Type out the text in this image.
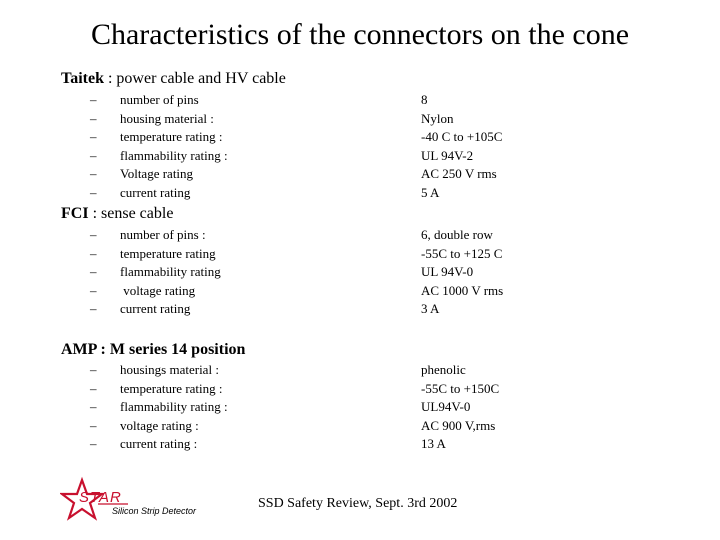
Characteristics of the connectors on the cone
Taitek : power cable and HV cable
– number of pins
– housing material :
– temperature rating :
– flammability rating :
– Voltage rating
– current rating
8
Nylon
-40 C to +105C
UL 94V-2
AC 250 V rms
5 A
FCI : sense cable
– number of pins :
– temperature rating
– flammability rating
– voltage rating
– current rating
6, double row
-55C to +125 C
UL 94V-0
AC 1000 V rms
3 A
AMP : M series 14 position
– housings material :
– temperature rating :
– flammability rating :
– voltage rating :
– current rating :
phenolic
-55C to +150C
UL94V-0
AC 900 V,rms
13 A
STAR
Silicon Strip Detector	SSD Safety Review, Sept. 3rd 2002
